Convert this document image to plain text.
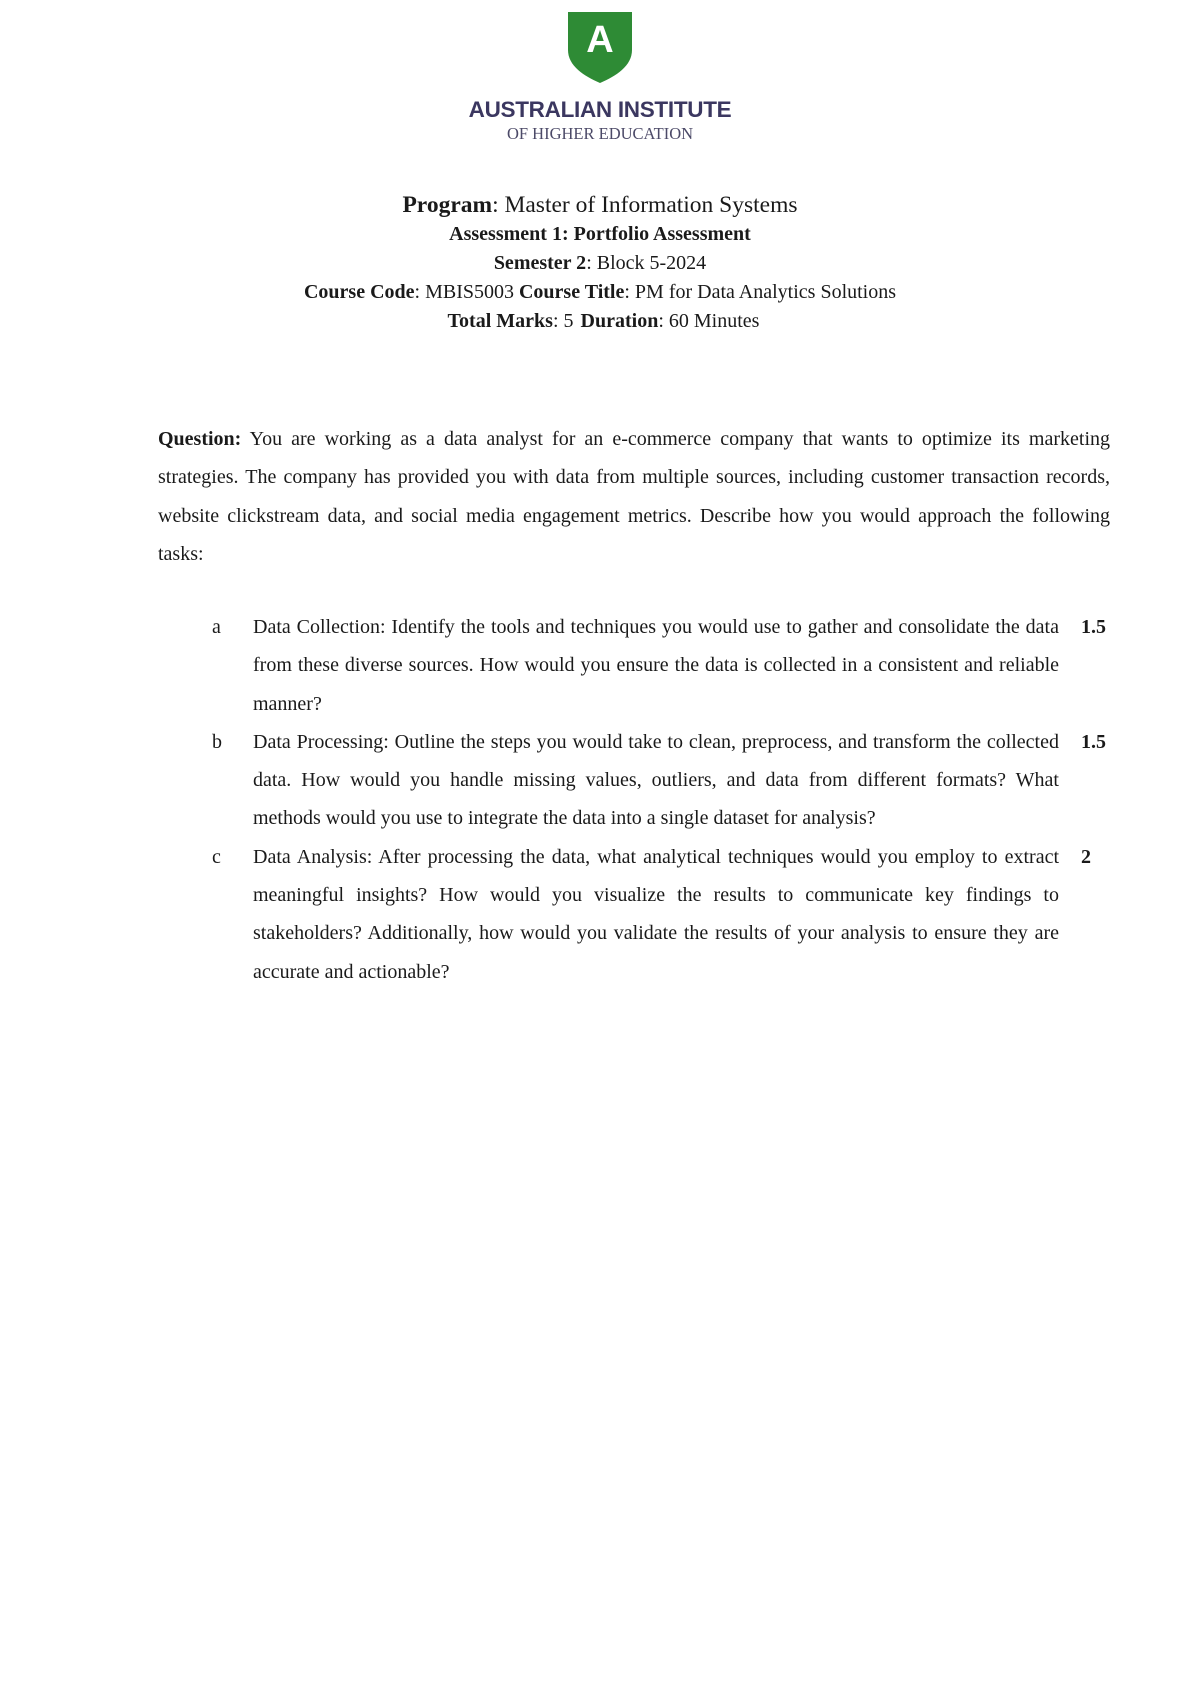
A
AUSTRALIAN INSTITUTE
OF HIGHER EDUCATION
Program: Master of Information Systems
Assessment 1: Portfolio Assessment
Semester 2: Block 5-2024
Course Code: MBIS5003 Course Title: PM for Data Analytics Solutions
Total Marks: 5 Duration: 60 Minutes
Question: You are working as a data analyst for an e-commerce company that wants to optimize its marketing strategies. The company has provided you with data from multiple sources, including customer transaction records, website clickstream data, and social media engagement metrics. Describe how you would approach the following tasks:
a Data Collection: Identify the tools and techniques you would use to gather and consolidate the data from these diverse sources. How would you ensure the data is collected in a consistent and reliable manner?
1.5
b Data Processing: Outline the steps you would take to clean, preprocess, and transform the collected data. How would you handle missing values, outliers, and data from different formats? What methods would you use to integrate the data into a single dataset for analysis?
1.5
c Data Analysis: After processing the data, what analytical techniques would you employ to extract meaningful insights? How would you visualize the results to communicate key findings to stakeholders? Additionally, how would you validate the results of your analysis to ensure they are accurate and actionable?
2
